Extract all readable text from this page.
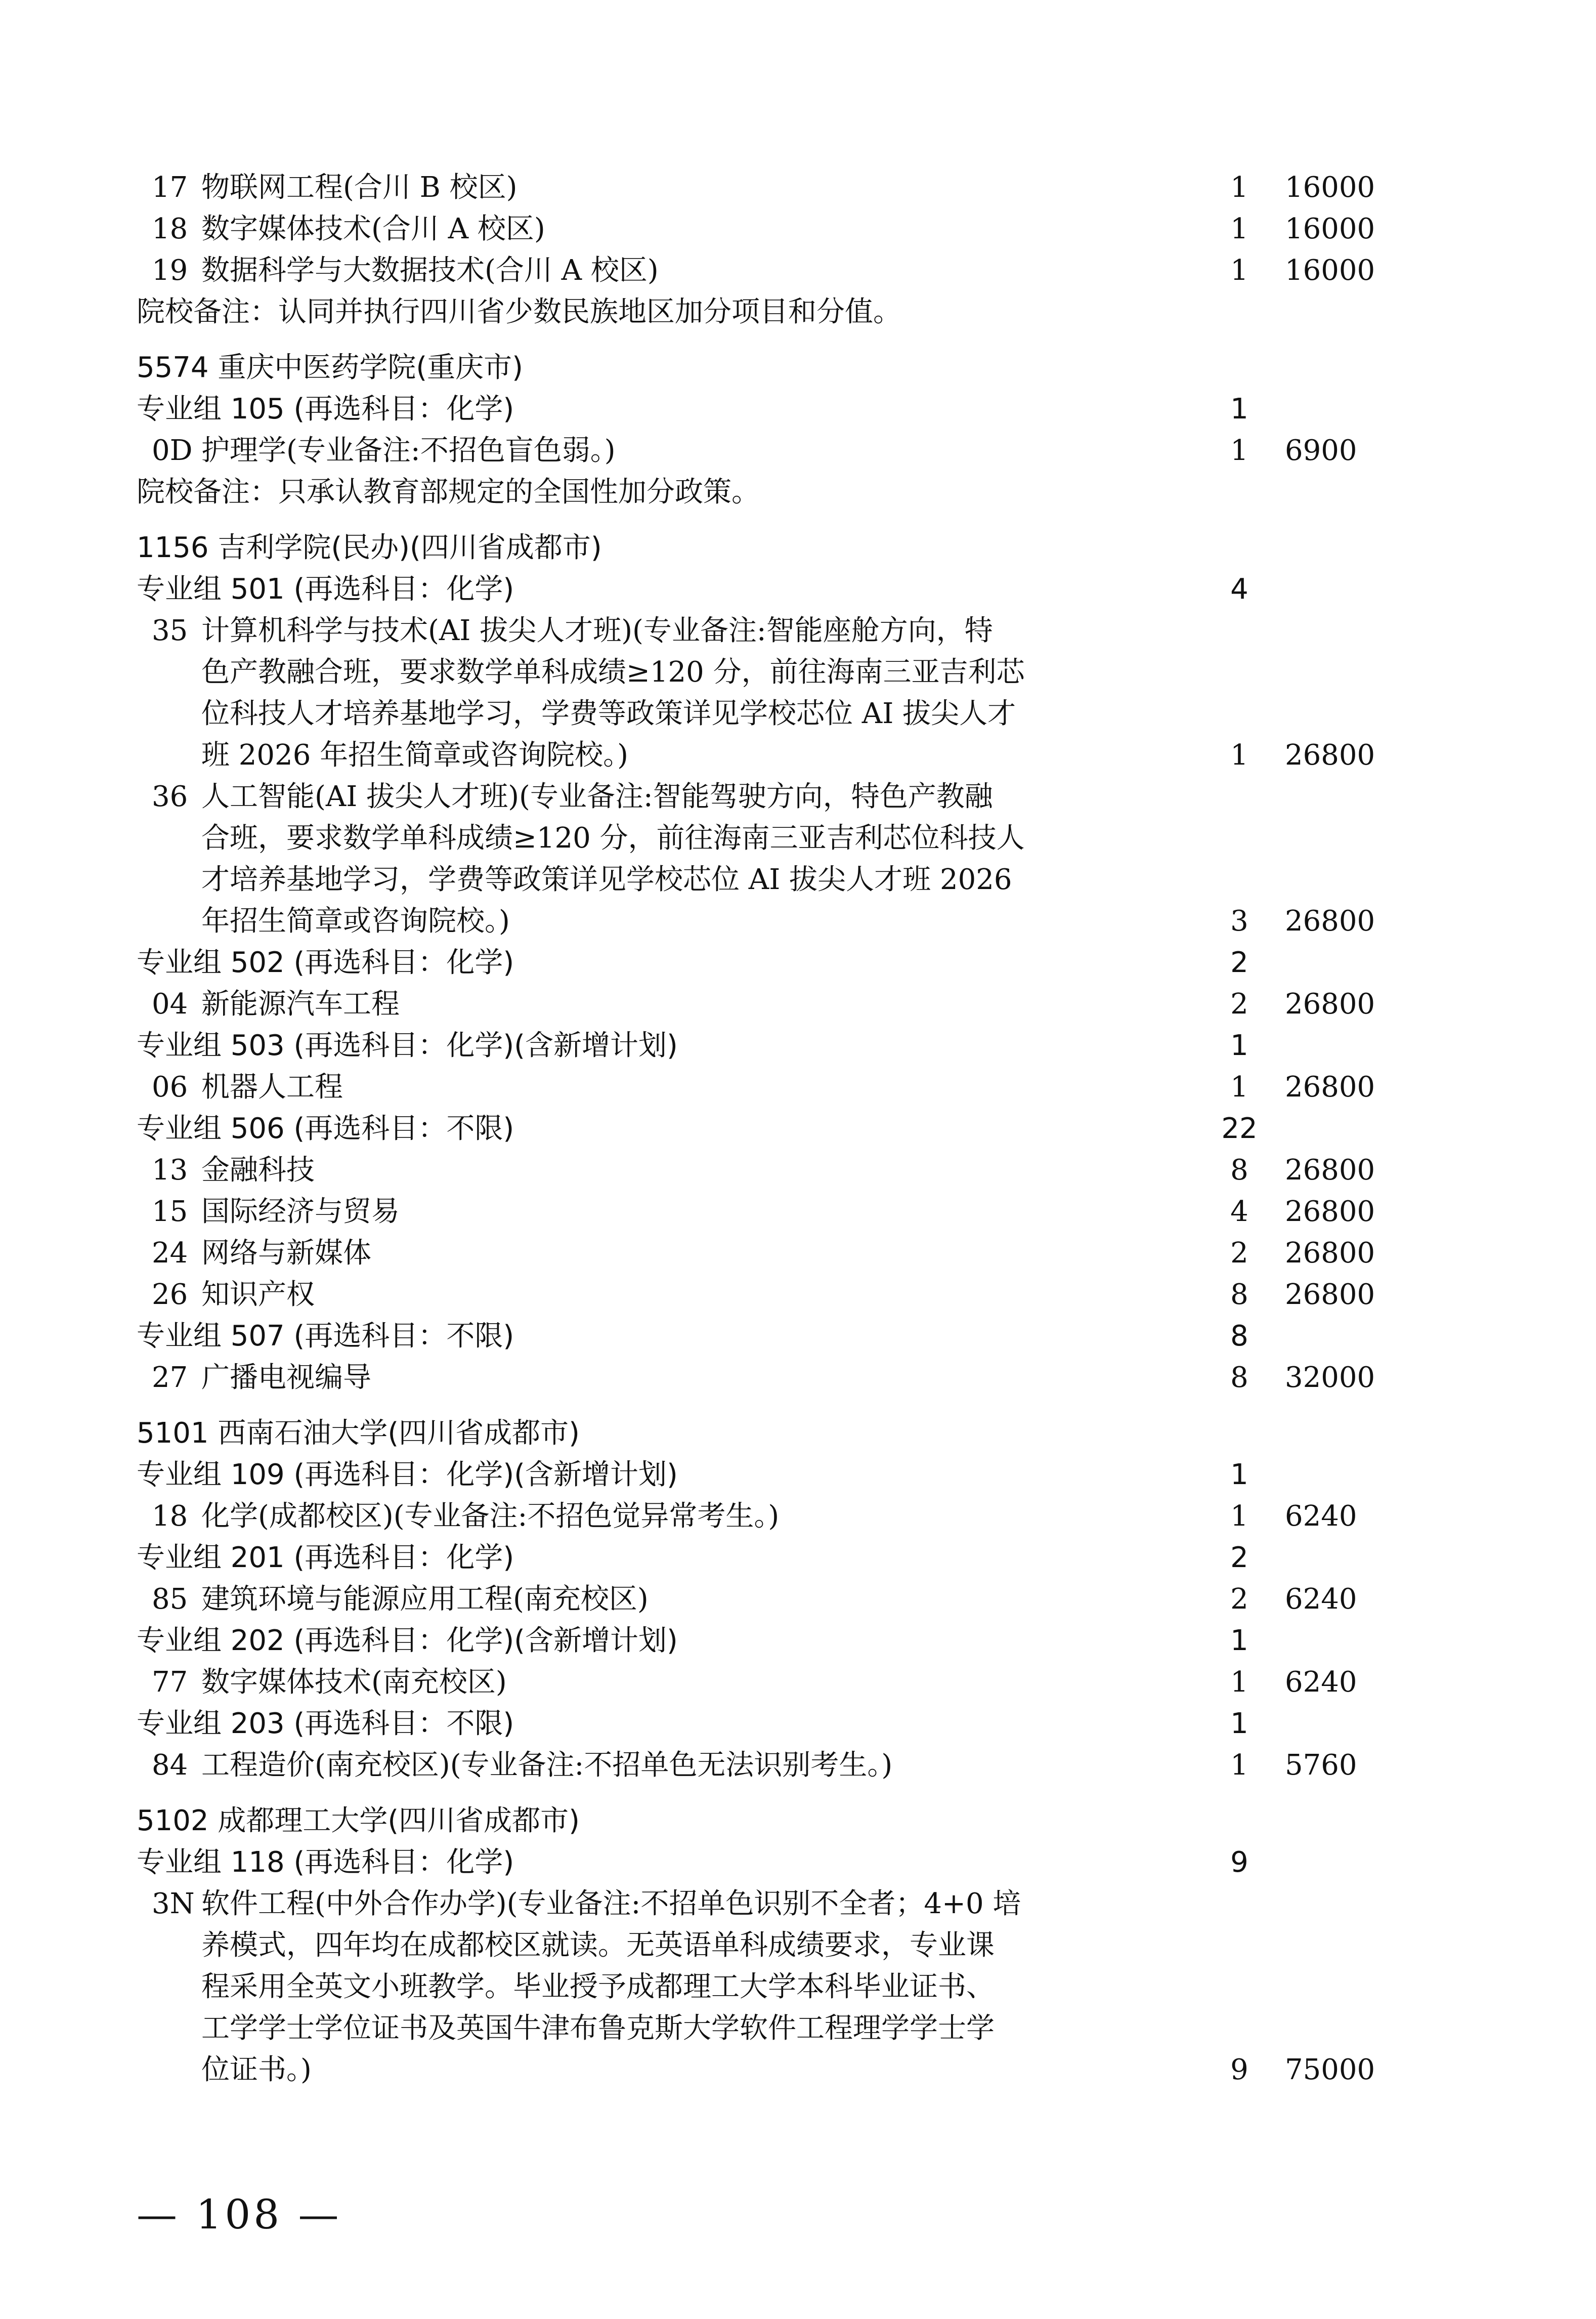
17 物联网工程(合川 B 校区)	1	16000
18 数字媒体技术(合川 A 校区)	1	16000
19 数据科学与大数据技术(合川 A 校区)	1	16000
院校备注：认同并执行四川省少数民族地区加分项目和分值。
5574 重庆中医药学院(重庆市)
专业组 105 (再选科目：化学)	1
0D 护理学(专业备注:不招色盲色弱。)	1	6900
院校备注：只承认教育部规定的全国性加分政策。
1156 吉利学院(民办)(四川省成都市)
专业组 501 (再选科目：化学)	4
35 计算机科学与技术(AI 拔尖人才班)(专业备注:智能座舱方向，特
色产教融合班，要求数学单科成绩≥120 分，前往海南三亚吉利芯
位科技人才培养基地学习，学费等政策详见学校芯位 AI 拔尖人才
班 2026 年招生简章或咨询院校。)	1	26800
36 人工智能(AI 拔尖人才班)(专业备注:智能驾驶方向，特色产教融
合班，要求数学单科成绩≥120 分，前往海南三亚吉利芯位科技人
才培养基地学习，学费等政策详见学校芯位 AI 拔尖人才班 2026
年招生简章或咨询院校。)	3	26800
专业组 502 (再选科目：化学)	2
04 新能源汽车工程	2	26800
专业组 503 (再选科目：化学)(含新增计划)	1
06 机器人工程	1	26800
专业组 506 (再选科目：不限)	22
13 金融科技	8	26800
15 国际经济与贸易	4	26800
24 网络与新媒体	2	26800
26 知识产权	8	26800
专业组 507 (再选科目：不限)	8
27 广播电视编导	8	32000
5101 西南石油大学(四川省成都市)
专业组 109 (再选科目：化学)(含新增计划)	1
18 化学(成都校区)(专业备注:不招色觉异常考生。)	1	6240
专业组 201 (再选科目：化学)	2
85 建筑环境与能源应用工程(南充校区)	2	6240
专业组 202 (再选科目：化学)(含新增计划)	1
77 数字媒体技术(南充校区)	1	6240
专业组 203 (再选科目：不限)	1
84 工程造价(南充校区)(专业备注:不招单色无法识别考生。)	1	5760
5102 成都理工大学(四川省成都市)
专业组 118 (再选科目：化学)	9
3N 软件工程(中外合作办学)(专业备注:不招单色识别不全者；4+0 培
养模式，四年均在成都校区就读。无英语单科成绩要求，专业课
程采用全英文小班教学。毕业授予成都理工大学本科毕业证书、
工学学士学位证书及英国牛津布鲁克斯大学软件工程理学学士学
位证书。)	9	75000
— 108 —
